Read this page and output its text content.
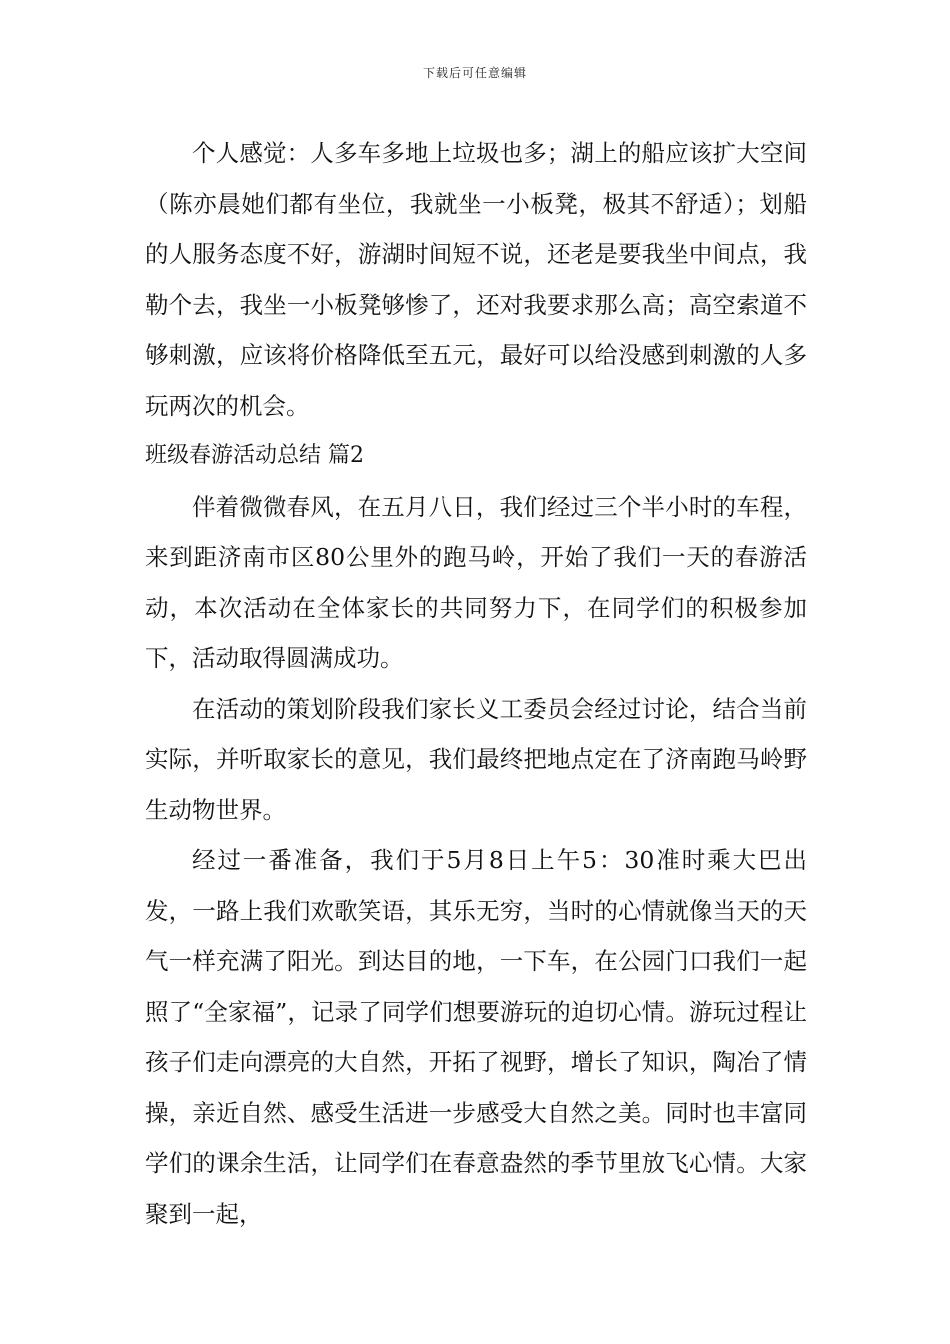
下载后可任意编辑

个人感觉：人多车多地上垃圾也多；湖上的船应该扩大空间（陈亦晨她们都有坐位，我就坐一小板凳，极其不舒适）；划船的人服务态度不好，游湖时间短不说，还老是要我坐中间点，我勒个去，我坐一小板凳够惨了，还对我要求那么高；高空索道不够刺激，应该将价格降低至五元，最好可以给没感到刺激的人多玩两次的机会。

班级春游活动总结 篇2

伴着微微春风，在五月八日，我们经过三个半小时的车程，来到距济南市区80公里外的跑马岭，开始了我们一天的春游活动，本次活动在全体家长的共同努力下，在同学们的积极参加下，活动取得圆满成功。

在活动的策划阶段我们家长义工委员会经过讨论，结合当前实际，并听取家长的意见，我们最终把地点定在了济南跑马岭野生动物世界。

经过一番准备，我们于5月8日上午5：30准时乘大巴出发，一路上我们欢歌笑语，其乐无穷，当时的心情就像当天的天气一样充满了阳光。到达目的地，一下车，在公园门口我们一起照了“全家福”，记录了同学们想要游玩的迫切心情。游玩过程让孩子们走向漂亮的大自然，开拓了视野，增长了知识，陶冶了情操，亲近自然、感受生活进一步感受大自然之美。同时也丰富同学们的课余生活，让同学们在春意盎然的季节里放飞心情。大家聚到一起，
